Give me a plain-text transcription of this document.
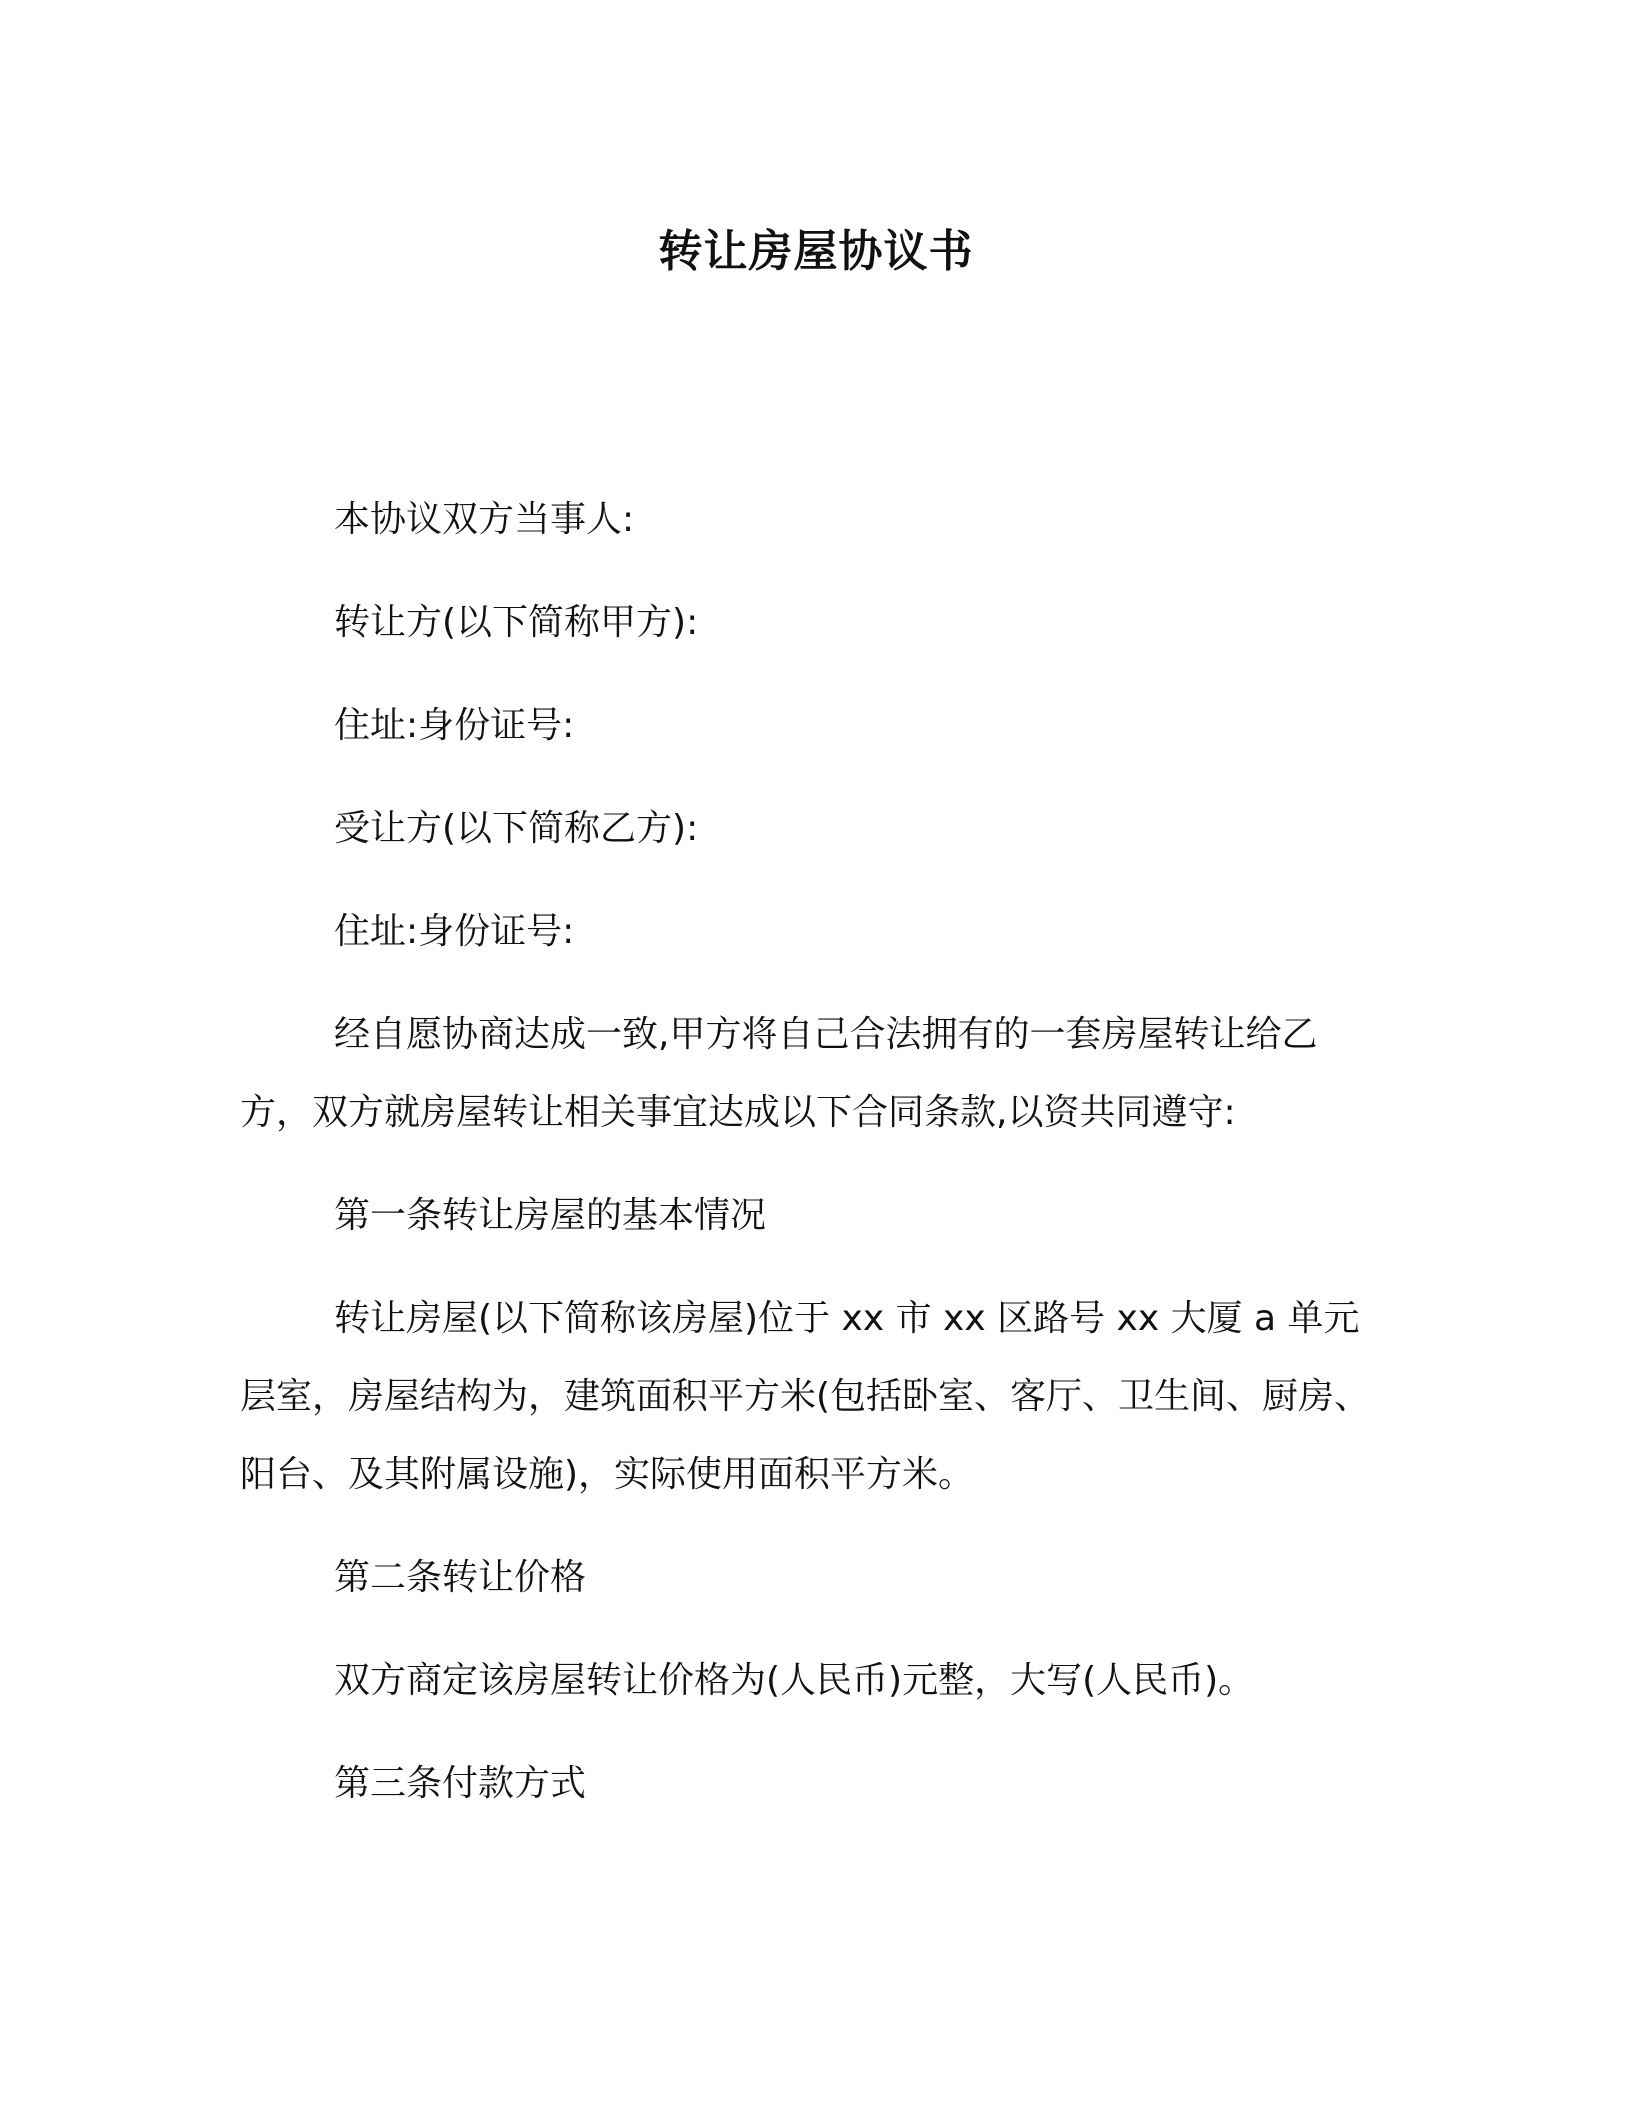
转让房屋协议书
本协议双方当事人:
转让方(以下简称甲方):
住址:身份证号:
受让方(以下简称乙方):
住址:身份证号:
经自愿协商达成一致,甲方将自己合法拥有的一套房屋转让给乙
方，双方就房屋转让相关事宜达成以下合同条款,以资共同遵守:
第一条转让房屋的基本情况
转让房屋(以下简称该房屋)位于 xx 市 xx 区路号 xx 大厦 a 单元
层室，房屋结构为，建筑面积平方米(包括卧室、客厅、卫生间、厨房、
阳台、及其附属设施)，实际使用面积平方米。
第二条转让价格
双方商定该房屋转让价格为(人民币)元整，大写(人民币)。
第三条付款方式
